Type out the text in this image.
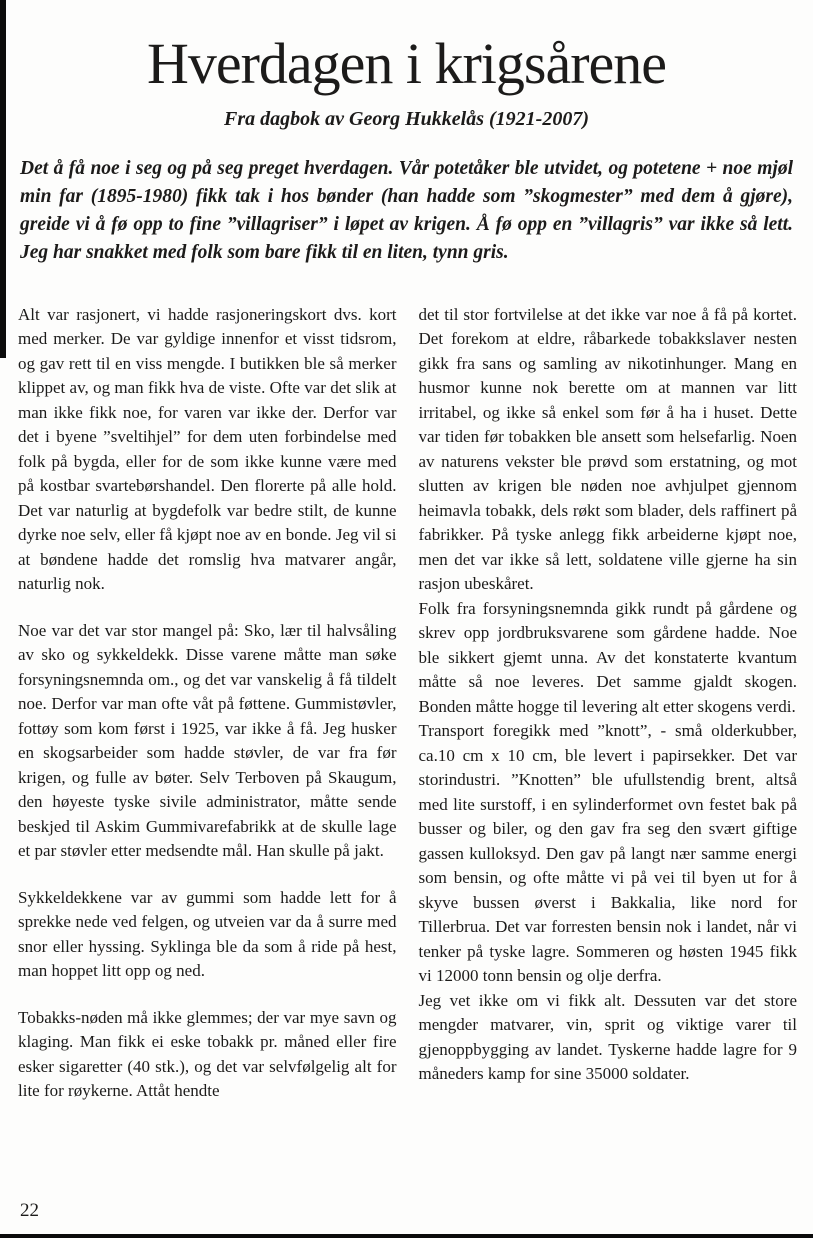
Hverdagen i krigsårene
Fra dagbok av Georg Hukkelås (1921-2007)

Det å få noe i seg og på seg preget hverdagen. Vår potetåker ble utvidet, og potetene + noe mjøl min far (1895-1980) fikk tak i hos bønder (han hadde som ”skogmester” med dem å gjøre), greide vi å fø opp to fine ”villagriser” i løpet av krigen. Å fø opp en ”villagris” var ikke så lett. Jeg har snakket med folk som bare fikk til en liten, tynn gris.

Alt var rasjonert, vi hadde rasjoneringskort dvs. kort med merker. De var gyldige innenfor et visst tidsrom, og gav rett til en viss mengde. I butikken ble så merker klippet av, og man fikk hva de viste. Ofte var det slik at man ikke fikk noe, for varen var ikke der. Derfor var det i byene ”sveltihjel” for dem uten forbindelse med folk på bygda, eller for de som ikke kunne være med på kostbar svartebørshandel. Den florerte på alle hold. Det var naturlig at bygdefolk var bedre stilt, de kunne dyrke noe selv, eller få kjøpt noe av en bonde. Jeg vil si at bøndene hadde det romslig hva matvarer angår, naturlig nok.

Noe var det var stor mangel på: Sko, lær til halvsåling av sko og sykkeldekk. Disse varene måtte man søke forsyningsnemnda om., og det var vanskelig å få tildelt noe. Derfor var man ofte våt på føttene. Gummistøvler, fottøy som kom først i 1925, var ikke å få. Jeg husker en skogsarbeider som hadde støvler, de var fra før krigen, og fulle av bøter. Selv Terboven på Skaugum, den høyeste tyske sivile administrator, måtte sende beskjed til Askim Gummivarefabrikk at de skulle lage et par støvler etter medsendte mål. Han skulle på jakt.

Sykkeldekkene var av gummi som hadde lett for å sprekke nede ved felgen, og utveien var da å surre med snor eller hyssing. Syklinga ble da som å ride på hest, man hoppet litt opp og ned.

Tobakks-nøden må ikke glemmes; der var mye savn og klaging. Man fikk ei eske tobakk pr. måned eller fire esker sigaretter (40 stk.), og det var selvfølgelig alt for lite for røykerne. Attåt hendte

det til stor fortvilelse at det ikke var noe å få på kortet. Det forekom at eldre, råbarkede tobakkslaver nesten gikk fra sans og samling av nikotinhunger. Mang en husmor kunne nok berette om at mannen var litt irritabel, og ikke så enkel som før å ha i huset. Dette var tiden før tobakken ble ansett som helsefarlig. Noen av naturens vekster ble prøvd som erstatning, og mot slutten av krigen ble nøden noe avhjulpet gjennom heimavla tobakk, dels røkt som blader, dels raffinert på fabrikker. På tyske anlegg fikk arbeiderne kjøpt noe, men det var ikke så lett, soldatene ville gjerne ha sin rasjon ubeskåret.

Folk fra forsyningsnemnda gikk rundt på gårdene og skrev opp jordbruksvarene som gårdene hadde. Noe ble sikkert gjemt unna. Av det konstaterte kvantum måtte så noe leveres. Det samme gjaldt skogen. Bonden måtte hogge til levering alt etter skogens verdi.

Transport foregikk med ”knott”, - små olderkubber, ca.10 cm x 10 cm, ble levert i papirsekker. Det var storindustri. ”Knotten” ble ufullstendig brent, altså med lite surstoff, i en sylinderformet ovn festet bak på busser og biler, og den gav fra seg den svært giftige gassen kulloksyd. Den gav på langt nær samme energi som bensin, og ofte måtte vi på vei til byen ut for å skyve bussen øverst i Bakkalia, like nord for Tillerbrua. Det var forresten bensin nok i landet, når vi tenker på tyske lagre. Sommeren og høsten 1945 fikk vi 12000 tonn bensin og olje derfra.

Jeg vet ikke om vi fikk alt. Dessuten var det store mengder matvarer, vin, sprit og viktige varer til gjenoppbygging av landet. Tyskerne hadde lagre for 9 måneders kamp for sine 35000 soldater.

22
